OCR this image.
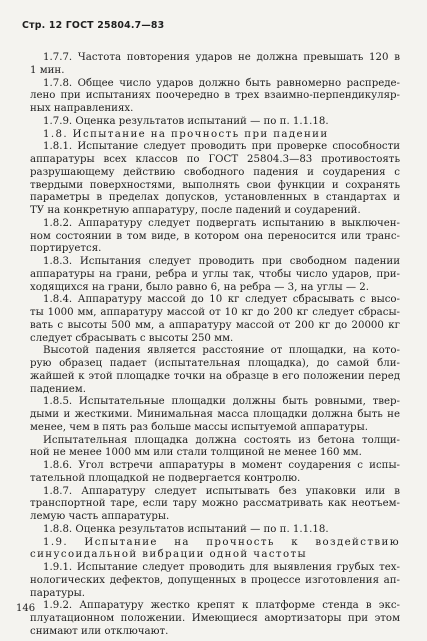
Стр. 12 ГОСТ 25804.7—83
1.7.7. Частота повторения ударов не должна превышать 120 в
1 мин.
1.7.8. Общее число ударов должно быть равномерно распреде-
лено при испытаниях поочередно в трех взаимно-перпендикуляр-
ных направлениях.
1.7.9. Оценка результатов испытаний — по п. 1.1.18.
1.8. Испытание на прочность при падении
1.8.1. Испытание следует проводить при проверке способности
аппаратуры всех классов по ГОСТ 25804.3—83 противостоять
разрушающему действию свободного падения и соударения с
твердыми поверхностями, выполнять свои функции и сохранять
параметры в пределах допусков, установленных в стандартах и
ТУ на конкретную аппаратуру, после падений и соударений.
1.8.2. Аппаратуру следует подвергать испытанию в выключен-
ном состоянии в том виде, в котором она переносится или транс-
портируется.
1.8.3. Испытания следует проводить при свободном падении
аппаратуры на грани, ребра и углы так, чтобы число ударов, при-
ходящихся на грани, было равно 6, на ребра — 3, на углы — 2.
1.8.4. Аппаратуру массой до 10 кг следует сбрасывать с высо-
ты 1000 мм, аппаратуру массой от 10 кг до 200 кг следует сбрасы-
вать с высоты 500 мм, а аппаратуру массой от 200 кг до 20000 кг
следует сбрасывать с высоты 250 мм.
Высотой падения является расстояние от площадки, на кото-
рую образец падает (испытательная площадка), до самой бли-
жайшей к этой площадке точки на образце в его положении перед
падением.
1.8.5. Испытательные площадки должны быть ровными, твер-
дыми и жесткими. Минимальная масса площадки должна быть не
менее, чем в пять раз больше массы испытуемой аппаратуры.
Испытательная площадка должна состоять из бетона толщи-
ной не менее 1000 мм или стали толщиной не менее 160 мм.
1.8.6. Угол встречи аппаратуры в момент соударения с испы-
тательной площадкой не подвергается контролю.
1.8.7. Аппаратуру следует испытывать без упаковки или в
транспортной таре, если тару можно рассматривать как неотъем-
лемую часть аппаратуры.
1.8.8. Оценка результатов испытаний — по п. 1.1.18.
1.9. Испытание на прочность к воздействию
синусоидальной вибрации одной частоты
1.9.1. Испытание следует проводить для выявления грубых тех-
нологических дефектов, допущенных в процессе изготовления ап-
паратуры.
1.9.2. Аппаратуру жестко крепят к платформе стенда в экс-
плуатационном положении. Имеющиеся амортизаторы при этом
снимают или отключают.
146
